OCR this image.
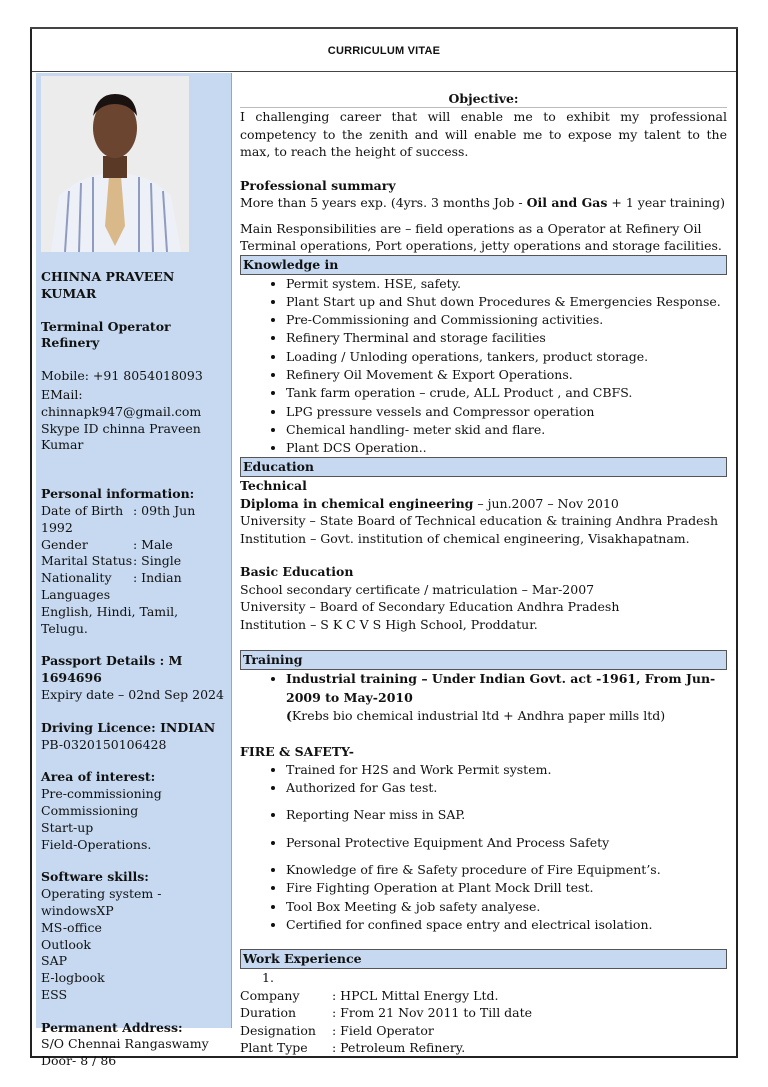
CURRICULUM VITAE
CHINNA PRAVEEN KUMAR
Terminal Operator
Refinery
Mobile: +91 8054018093
EMail:
chinnapk947@gmail.com
Skype ID chinna Praveen
Kumar
Personal information:
Date of Birth : 09th Jun
1992
Gender	: Male
Marital Status : Single
Nationality	: Indian
Languages
English, Hindi, Tamil, Telugu.
Passport Details : M
1694696
Expiry date – 02nd Sep 2024
Driving Licence: INDIAN
PB-0320150106428
Area of interest:
Pre-commissioning
Commissioning
Start-up
Field-Operations.
Software skills:
Operating system -
windowsXP
MS-office
Outlook
SAP
E-logbook
ESS
Permanent Address:
S/O Chennai Rangaswamy
Door- 8 / 86
Objective:
I challenging career that will enable me to exhibit my professional competency to the zenith and will enable me to expose my talent to the max, to reach the height of success.
Professional summary
More than 5 years exp. (4yrs. 3 months Job - Oil and Gas + 1 year training)
Main Responsibilities are – field operations as a Operator at Refinery Oil Terminal operations, Port operations, jetty operations and storage facilities.
Knowledge in
• Permit system. HSE, safety.
• Plant Start up and Shut down Procedures & Emergencies Response.
• Pre-Commissioning and Commissioning activities.
• Refinery Therminal and storage facilities
• Loading / Unloding operations, tankers, product storage.
• Refinery Oil Movement & Export Operations.
• Tank farm operation – crude, ALL Product , and CBFS.
• LPG pressure vessels and Compressor operation
• Chemical handling- meter skid and flare.
• Plant DCS Operation..
Education
Technical
Diploma in chemical engineering – jun.2007 – Nov 2010
University – State Board of Technical education & training Andhra Pradesh
Institution – Govt. institution of chemical engineering, Visakhapatnam.
Basic Education
School secondary certificate / matriculation – Mar-2007
University – Board of Secondary Education Andhra Pradesh
Institution – S K C V S High School, Proddatur.
Training
• Industrial training – Under Indian Govt. act -1961, From Jun-2009 to May-2010
(Krebs bio chemical industrial ltd + Andhra paper mills ltd)
FIRE & SAFETY-
• Trained for H2S and Work Permit system.
• Authorized for Gas test.
• Reporting Near miss in SAP.
• Personal Protective Equipment And Process Safety
• Knowledge of fire & Safety procedure of Fire Equipment’s.
• Fire Fighting Operation at Plant Mock Drill test.
• Tool Box Meeting & job safety analyese.
• Certified for confined space entry and electrical isolation.
Work Experience
1.
Company	: HPCL Mittal Energy Ltd.
Duration	: From 21 Nov 2011 to Till date
Designation	: Field Operator
Plant Type	: Petroleum Refinery.
